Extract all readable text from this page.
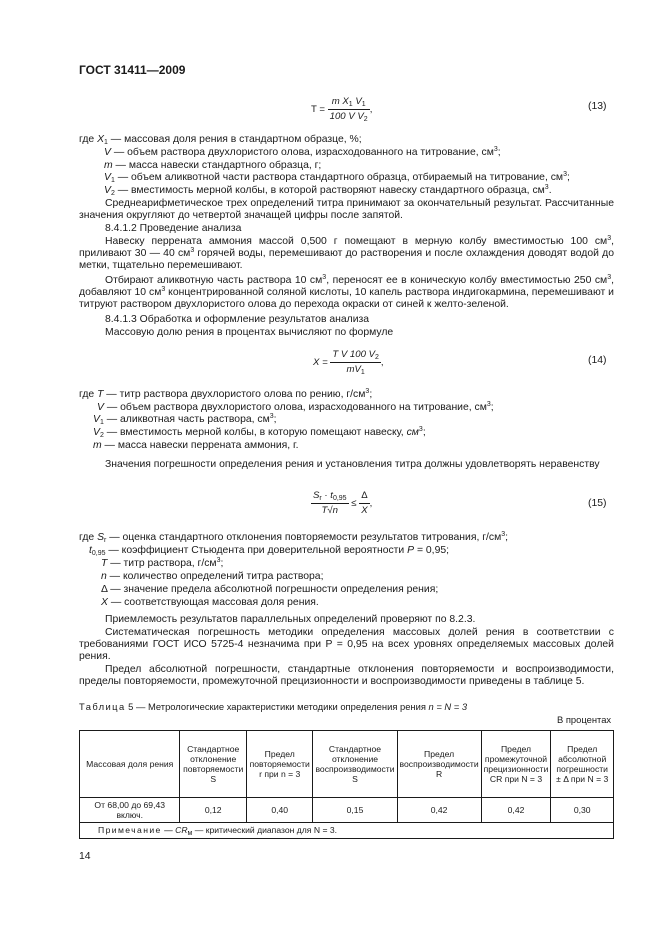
ГОСТ 31411—2009
$T = \frac{m X_1 V_1}{100 V V_2}$ ,	(13)
где $X_1$ — массовая доля рения в стандартном образце, %;
V — объем раствора двухлористого олова, израсходованного на титрование, $см^3$;
m — масса навески стандартного образца, г;
$V_1$ — объем аликвотной части раствора стандартного образца, отбираемый на титрование, $см^3$;
$V_2$ — вместимость мерной колбы, в которой растворяют навеску стандартного образца, $см^3$.
Среднеарифметическое трех определений титра принимают за окончательный результат. Рассчитанные значения округляют до четвертой значащей цифры после запятой.
8.4.1.2 Проведение анализа
Навеску перрената аммония массой 0,500 г помещают в мерную колбу вместимостью 100 $см^3$, приливают 30 — 40 $см^3$ горячей воды, перемешивают до растворения и после охлаждения доводят водой до метки, тщательно перемешивают.
Отбирают аликвотную часть раствора 10 $см^3$, переносят ее в коническую колбу вместимостью 250 $см^3$, добавляют 10 $см^3$ концентрированной соляной кислоты, 10 капель раствора индигокармина, перемешивают и титруют раствором двухлористого олова до перехода окраски от синей к желто-зеленой.
8.4.1.3 Обработка и оформление результатов анализа
Массовую долю рения в процентах вычисляют по формуле
$X = \frac{T V 100 V_2}{mV_1}$ ,	(14)
где T — титр раствора двухлористого олова по рению, $г/см^3$;
V — объем раствора двухлористого олова, израсходованного на титрование, $см^3$;
$V_1$ — аликвотная часть раствора, $см^3$;
$V_2$ — вместимость мерной колбы, в которую помещают навеску, $см^3$;
m — масса навески перрената аммония, г.
Значения погрешности определения рения и установления титра должны удовлетворять неравенству
$\frac{S_r \cdot t_{0,95}}{T√n} \le \frac{\Delta}{X}$ ,	(15)
где $S_r$ — оценка стандартного отклонения повторяемости результатов титрования, $г/см^3$;
$t_{0,95}$ — коэффициент Стьюдента при доверительной вероятности P = 0,95;
T — титр раствора, $г/см^3$;
n — количество определений титра раствора;
Δ — значение предела абсолютной погрешности определения рения;
X — соответствующая массовая доля рения.
Приемлемость результатов параллельных определений проверяют по 8.2.3.
Систематическая погрешность методики определения массовых долей рения в соответствии с требованиями ГОСТ ИСО 5725-4 незначима при P = 0,95 на всех уровнях определяемых массовых долей рения.
Предел абсолютной погрешности, стандартные отклонения повторяемости и воспроизводимости, пределы повторяемости, промежуточной прецизионности и воспроизводимости приведены в таблице 5.
Таблица 5 — Метрологические характеристики методики определения рения n = N = 3
В процентах
Массовая доля рения	Стандартное отклонение повторяемости S	Предел повторяемости r при n = 3	Стандартное отклонение воспроизводимости S	Предел воспроизводимости R	Предел промежуточной прецизионности CR при N = 3	Предел абсолютной погрешности ± Δ при N = 3
От 68,00 до 69,43 включ.	0,12	0,40	0,15	0,42	0,42	0,30
Примечание — $CR_м$ — критический диапазон для N = 3.						
14
